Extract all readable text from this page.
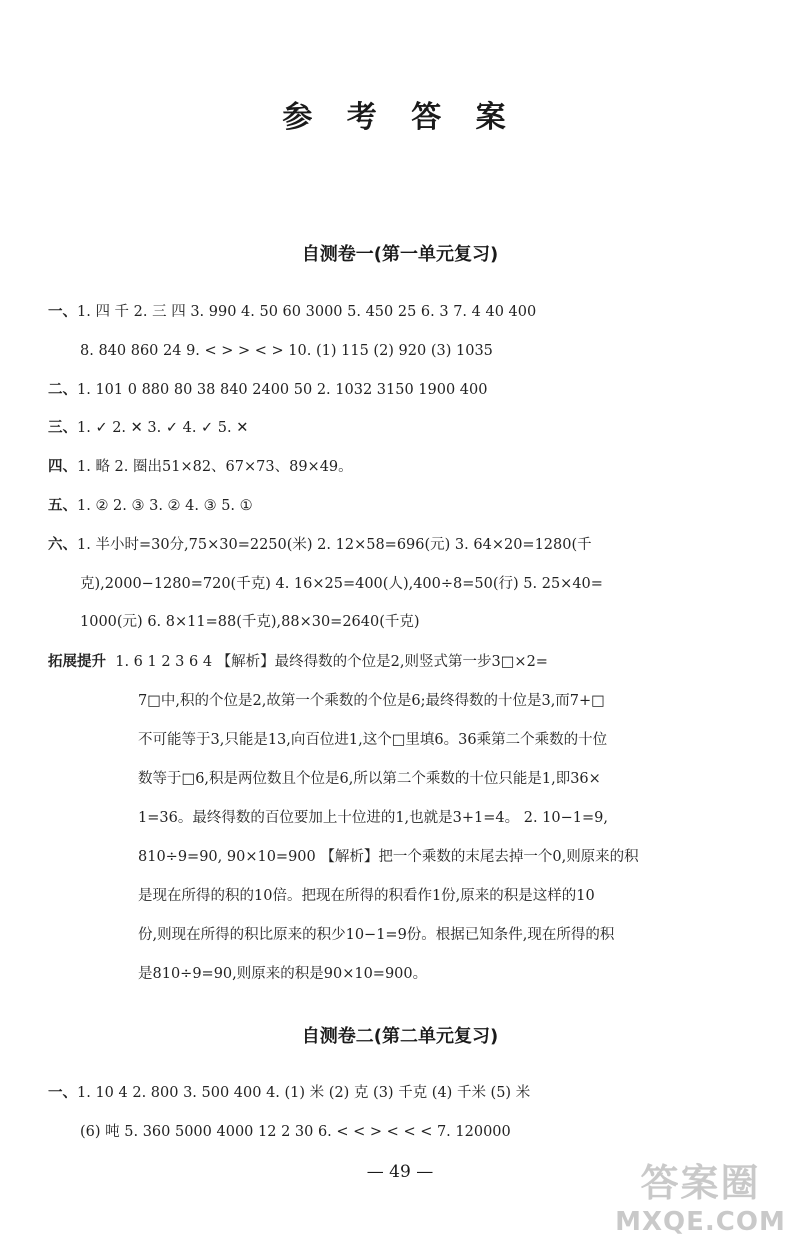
参 考 答 案
自测卷一(第一单元复习)
一、1. 四 千 2. 三 四 3. 990 4. 50 60 3000 5. 450 25 6. 3 7. 4 40 400
8. 840 860 24 9. < > > < > 10. (1) 115 (2) 920 (3) 1035
二、1. 101 0 880 80 38 840 2400 50 2. 1032 3150 1900 400
三、1. ✓ 2. ✕ 3. ✓ 4. ✓ 5. ✕
四、1. 略 2. 圈出51×82、67×73、89×49。
五、1. ② 2. ③ 3. ② 4. ③ 5. ①
六、1. 半小时=30分,75×30=2250(米) 2. 12×58=696(元) 3. 64×20=1280(千
克),2000−1280=720(千克) 4. 16×25=400(人),400÷8=50(行) 5. 25×40=
1000(元) 6. 8×11=88(千克),88×30=2640(千克)
拓展提升 1. 6 1 2 3 6 4 【解析】最终得数的个位是2,则竖式第一步3□×2=
7□中,积的个位是2,故第一个乘数的个位是6;最终得数的十位是3,而7+□
不可能等于3,只能是13,向百位进1,这个□里填6。36乘第二个乘数的十位
数等于□6,积是两位数且个位是6,所以第二个乘数的十位只能是1,即36×
1=36。最终得数的百位要加上十位进的1,也就是3+1=4。 2. 10−1=9,
810÷9=90, 90×10=900 【解析】把一个乘数的末尾去掉一个0,则原来的积
是现在所得的积的10倍。把现在所得的积看作1份,原来的积是这样的10
份,则现在所得的积比原来的积少10−1=9份。根据已知条件,现在所得的积
是810÷9=90,则原来的积是90×10=900。
自测卷二(第二单元复习)
一、1. 10 4 2. 800 3. 500 400 4. (1) 米 (2) 克 (3) 千克 (4) 千米 (5) 米
(6) 吨 5. 360 5000 4000 12 2 30 6. < < > < < < 7. 120000
— 49 —	答案圈
MXQE.COM
